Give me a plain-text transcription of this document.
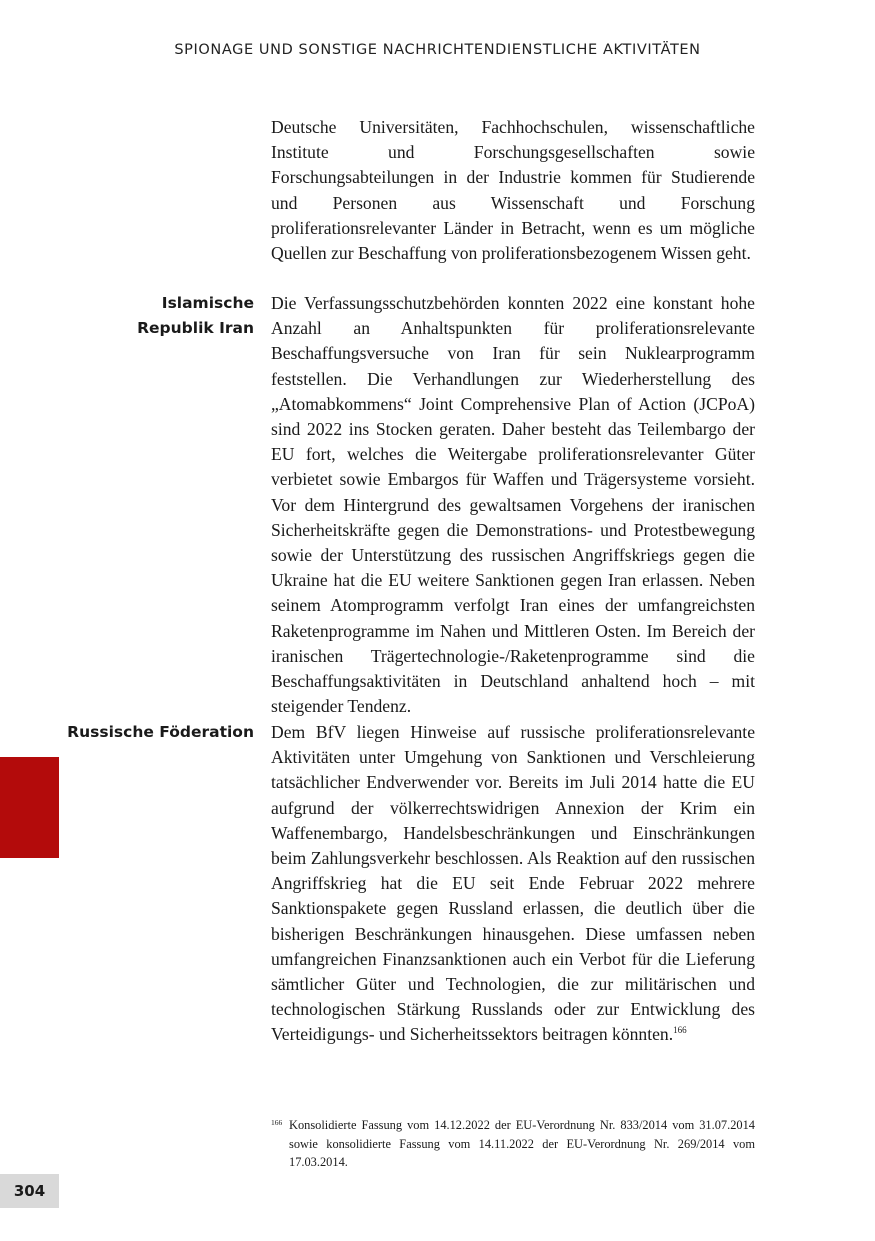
SPIONAGE UND SONSTIGE NACHRICHTENDIENSTLICHE AKTIVITÄTEN

Deutsche Universitäten, Fachhochschulen, wissenschaftliche Institute und Forschungsgesellschaften sowie Forschungsabteilungen in der Industrie kommen für Studierende und Personen aus Wissenschaft und Forschung proliferationsrelevanter Länder in Betracht, wenn es um mögliche Quellen zur Beschaffung von proliferationsbezogenem Wissen geht.

Islamische
Republik Iran

Die Verfassungsschutzbehörden konnten 2022 eine konstant hohe Anzahl an Anhaltspunkten für proliferationsrelevante Beschaffungsversuche von Iran für sein Nuklearprogramm feststellen. Die Verhandlungen zur Wiederherstellung des „Atomabkommens“ Joint Comprehensive Plan of Action (JCPoA) sind 2022 ins Stocken geraten. Daher besteht das Teilembargo der EU fort, welches die Weitergabe proliferationsrelevanter Güter verbietet sowie Embargos für Waffen und Trägersysteme vorsieht. Vor dem Hintergrund des gewaltsamen Vorgehens der iranischen Sicherheitskräfte gegen die Demonstrations- und Protestbewegung sowie der Unterstützung des russischen Angriffskriegs gegen die Ukraine hat die EU weitere Sanktionen gegen Iran erlassen. Neben seinem Atomprogramm verfolgt Iran eines der umfangreichsten Raketenprogramme im Nahen und Mittleren Osten. Im Bereich der iranischen Trägertechnologie-/Raketenprogramme sind die Beschaffungsaktivitäten in Deutschland anhaltend hoch – mit steigender Tendenz.

Russische Föderation Dem BfV liegen Hinweise auf russische proliferationsrelevante Aktivitäten unter Umgehung von Sanktionen und Verschleierung tatsächlicher Endverwender vor. Bereits im Juli 2014 hatte die EU aufgrund der völkerrechtswidrigen Annexion der Krim ein Waffenembargo, Handelsbeschränkungen und Einschränkungen beim Zahlungsverkehr beschlossen. Als Reaktion auf den russischen Angriffskrieg hat die EU seit Ende Februar 2022 mehrere Sanktionspakete gegen Russland erlassen, die deutlich über die bisherigen Beschränkungen hinausgehen. Diese umfassen neben umfangreichen Finanzsanktionen auch ein Verbot für die Lieferung sämtlicher Güter und Technologien, die zur militärischen und technologischen Stärkung Russlands oder zur Entwicklung des Verteidigungs- und Sicherheitssektors beitragen könnten.$^{166}$

166 Konsolidierte Fassung vom 14.12.2022 der EU-Verordnung Nr. 833/2014 vom 31.07.2014 sowie konsolidierte Fassung vom 14.11.2022 der EU-Verordnung Nr. 269/2014 vom 17.03.2014.
304
